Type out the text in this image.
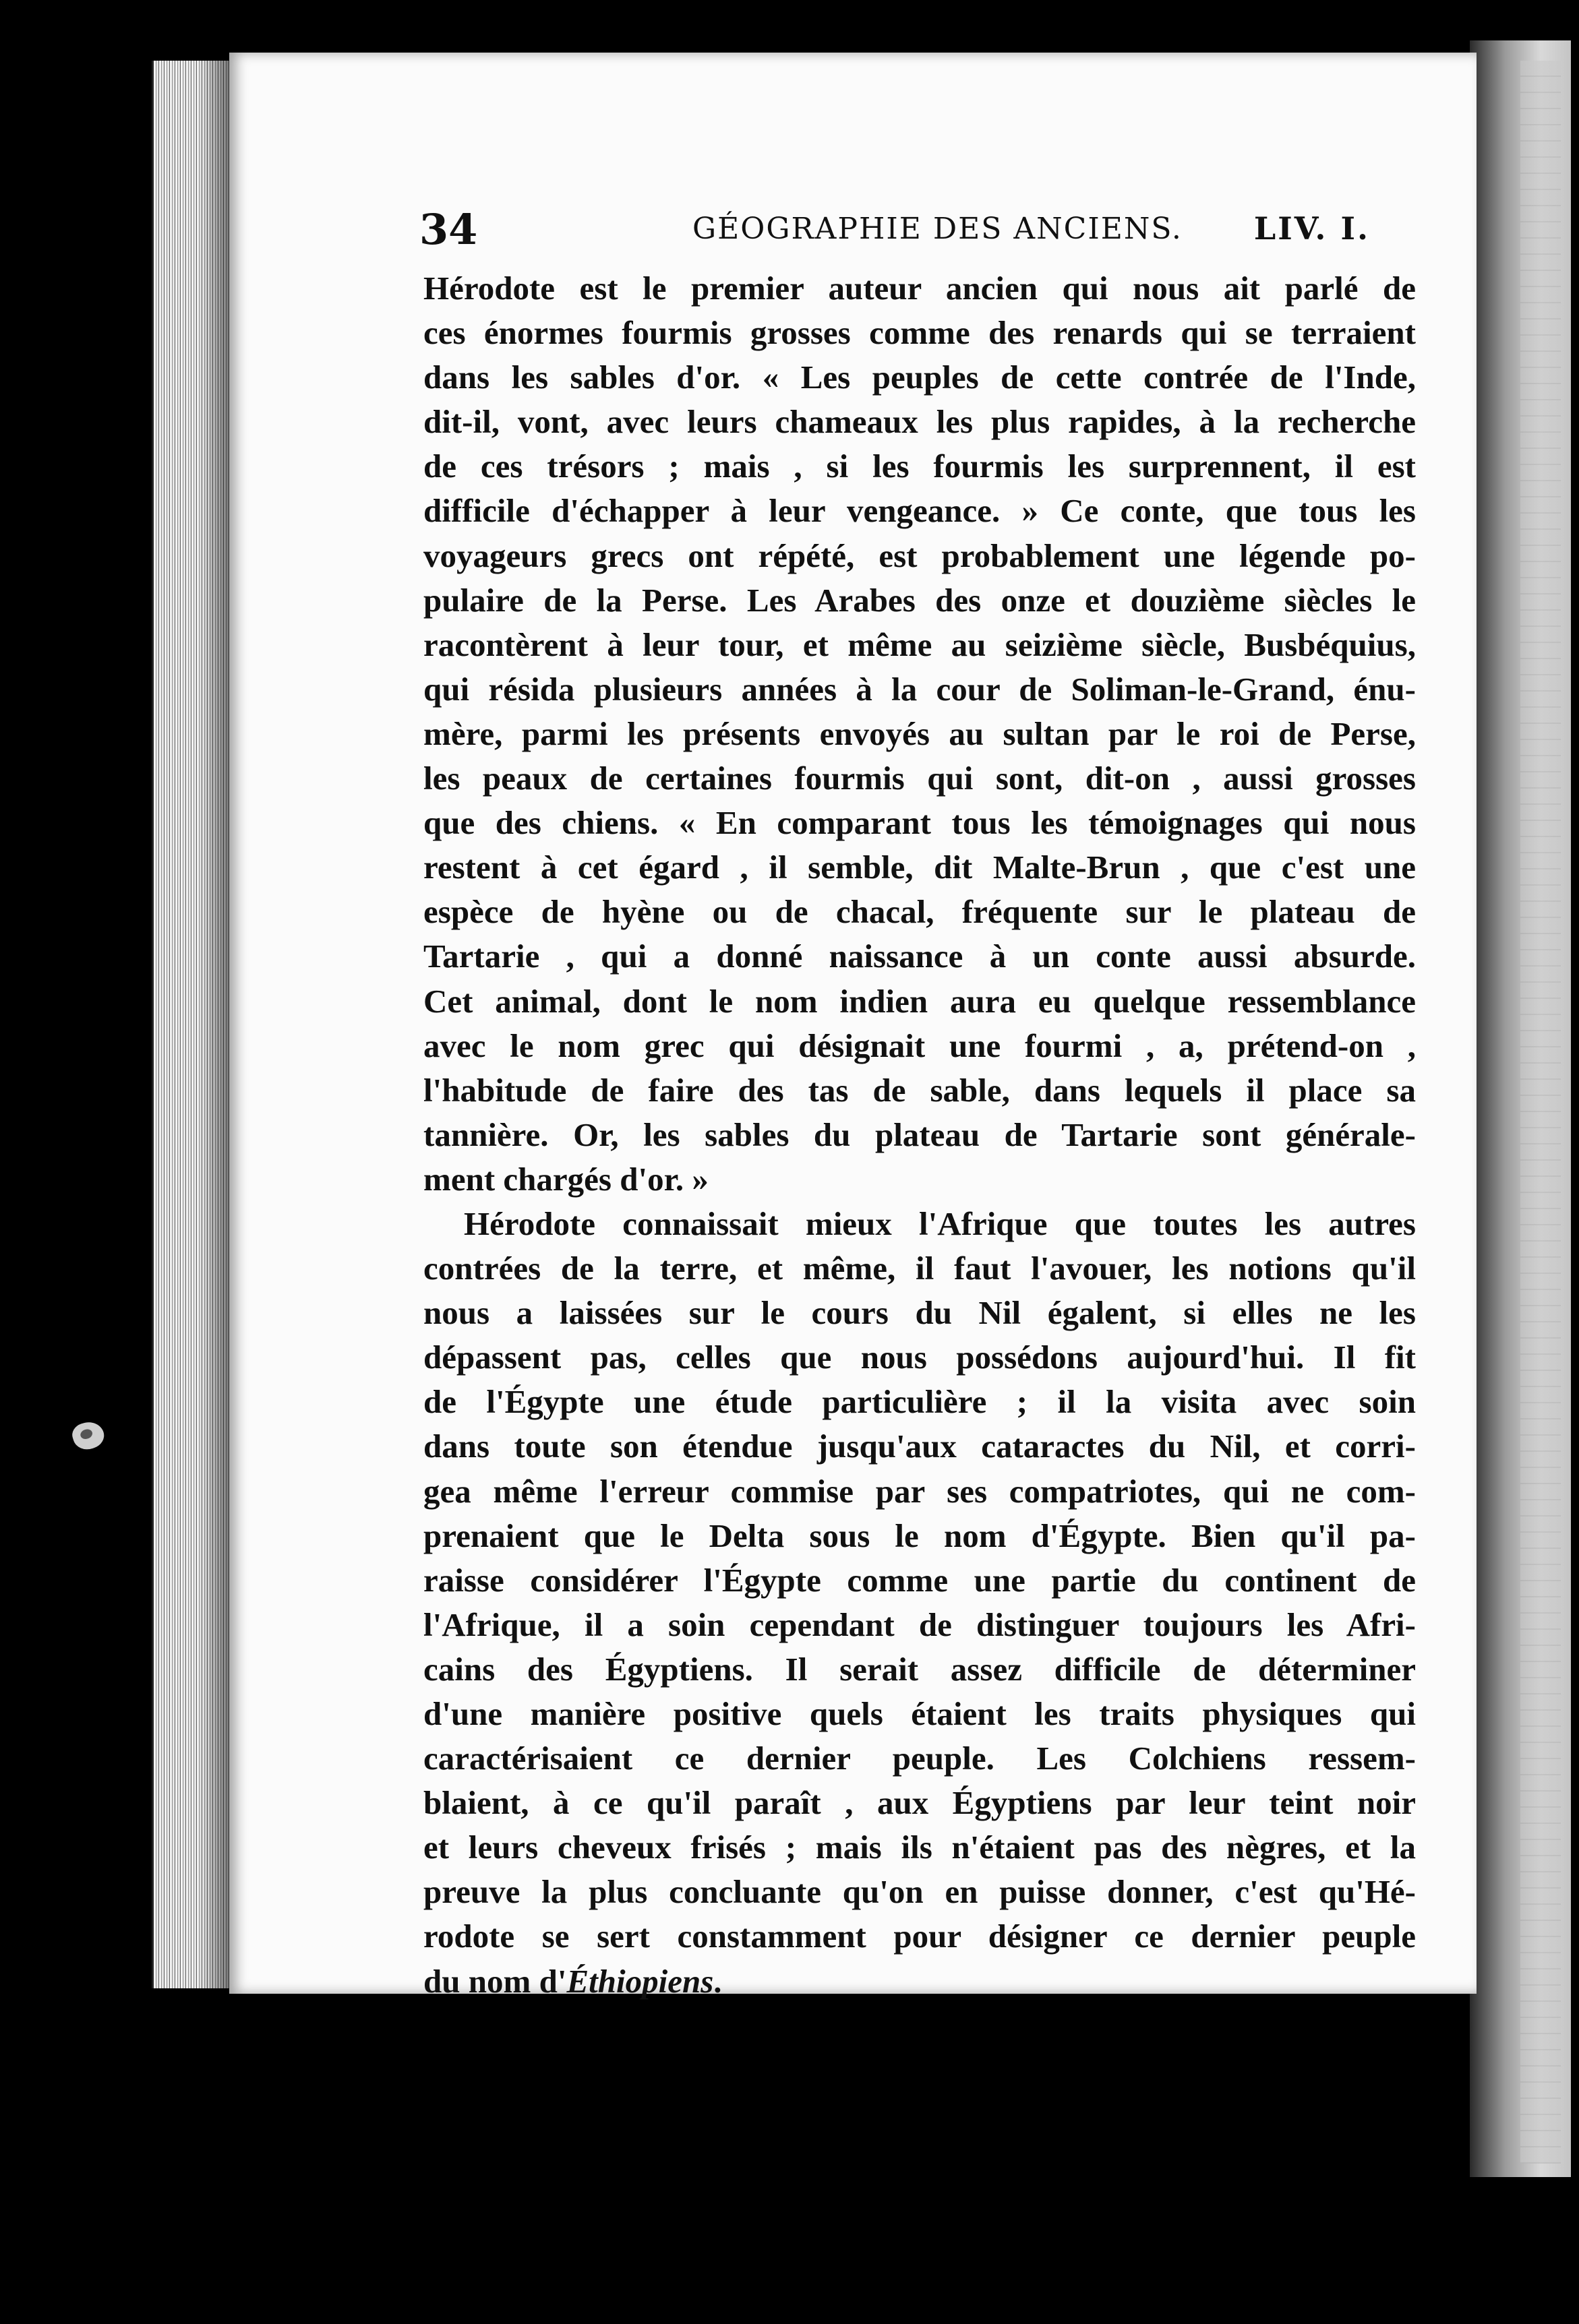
34	GÉOGRAPHIE DES ANCIENS. LIV. I.
Hérodote est le premier auteur ancien qui nous ait parlé de
ces énormes fourmis grosses comme des renards qui se terraient
dans les sables d'or. « Les peuples de cette contrée de l'Inde,
dit-il, vont, avec leurs chameaux les plus rapides, à la recherche
de ces trésors ; mais , si les fourmis les surprennent, il est
difficile d'échapper à leur vengeance. » Ce conte, que tous les
voyageurs grecs ont répété, est probablement une légende po-
pulaire de la Perse. Les Arabes des onze et douzième siècles le
racontèrent à leur tour, et même au seizième siècle, Busbéquius,
qui résida plusieurs années à la cour de Soliman-le-Grand, énu-
mère, parmi les présents envoyés au sultan par le roi de Perse,
les peaux de certaines fourmis qui sont, dit-on , aussi grosses
que des chiens. « En comparant tous les témoignages qui nous
restent à cet égard , il semble, dit Malte-Brun , que c'est une
espèce de hyène ou de chacal, fréquente sur le plateau de
Tartarie , qui a donné naissance à un conte aussi absurde.
Cet animal, dont le nom indien aura eu quelque ressemblance
avec le nom grec qui désignait une fourmi , a, prétend-on ,
l'habitude de faire des tas de sable, dans lequels il place sa
tannière. Or, les sables du plateau de Tartarie sont générale-
ment chargés d'or. »
Hérodote connaissait mieux l'Afrique que toutes les autres
contrées de la terre, et même, il faut l'avouer, les notions qu'il
nous a laissées sur le cours du Nil égalent, si elles ne les
dépassent pas, celles que nous possédons aujourd'hui. Il fit
de l'Égypte une étude particulière ; il la visita avec soin
dans toute son étendue jusqu'aux cataractes du Nil, et corri-
gea même l'erreur commise par ses compatriotes, qui ne com-
prenaient que le Delta sous le nom d'Égypte. Bien qu'il pa-
raisse considérer l'Égypte comme une partie du continent de
l'Afrique, il a soin cependant de distinguer toujours les Afri-
cains des Égyptiens. Il serait assez difficile de déterminer
d'une manière positive quels étaient les traits physiques qui
caractérisaient ce dernier peuple. Les Colchiens ressem-
blaient, à ce qu'il paraît , aux Égyptiens par leur teint noir
et leurs cheveux frisés ; mais ils n'étaient pas des nègres, et la
preuve la plus concluante qu'on en puisse donner, c'est qu'Hé-
rodote se sert constamment pour désigner ce dernier peuple
du nom d'Éthiopiens.
